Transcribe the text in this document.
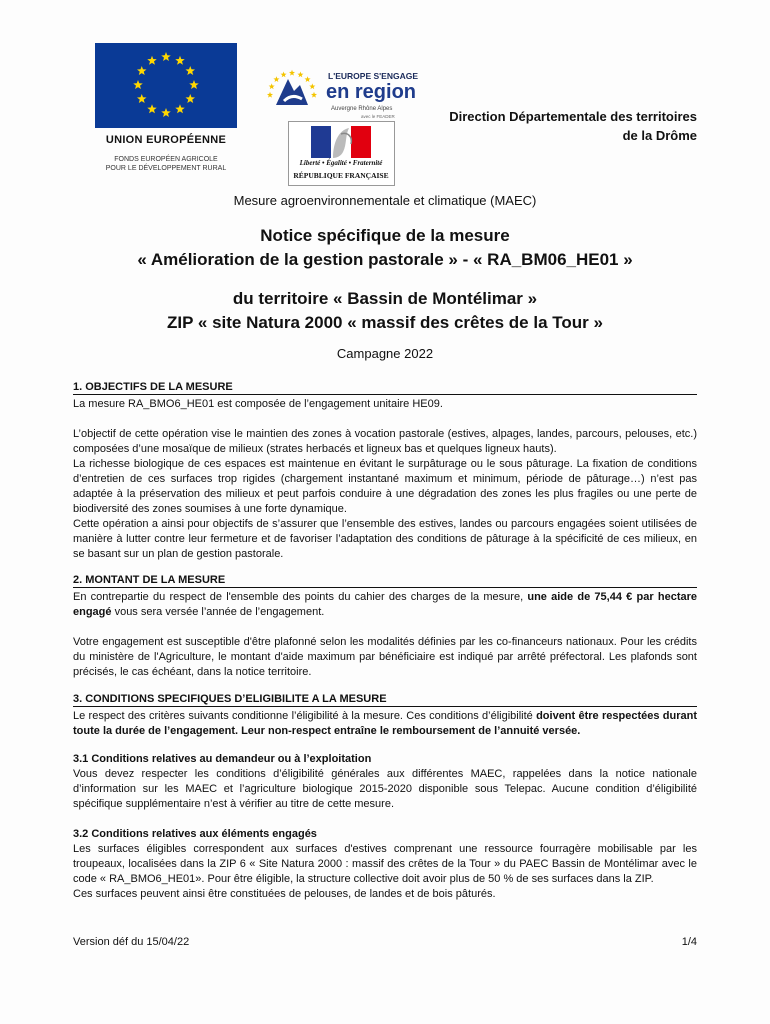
UNION EUROPÉENNE
FONDS EUROPÉEN AGRICOLE
POUR LE DÉVELOPPEMENT RURAL
L'EUROPE S'ENGAGE
en region
Auvergne Rhône Alpes
avec le FEADER
Liberté • Égalité • Fraternité
RÉPUBLIQUE FRANÇAISE
Direction Départementale des territoires
de la Drôme
Mesure agroenvironnementale et climatique (MAEC)
Notice spécifique de la mesure
« Amélioration de la gestion pastorale » - « RA_BM06_HE01 »
du territoire « Bassin de Montélimar »
ZIP « site Natura 2000 « massif des crêtes de la Tour »
Campagne 2022
1. OBJECTIFS DE LA MESURE

La mesure RA_BMO6_HE01 est composée de l’engagement unitaire HE09.

L’objectif de cette opération vise le maintien des zones à vocation pastorale (estives, alpages, landes, parcours, pelouses, etc.) composées d’une mosaïque de milieux (strates herbacés et ligneux bas et quelques ligneux hauts).

La richesse biologique de ces espaces est maintenue en évitant le surpâturage ou le sous pâturage. La fixation de conditions d’entretien de ces surfaces trop rigides (chargement instantané maximum et minimum, période de pâturage…) n’est pas adaptée à la préservation des milieux et peut parfois conduire à une dégradation des zones les plus fragiles ou une perte de biodiversité des zones soumises à une forte dynamique.

Cette opération a ainsi pour objectifs de s’assurer que l’ensemble des estives, landes ou parcours engagées soient utilisées de manière à lutter contre leur fermeture et de favoriser l’adaptation des conditions de pâturage à la spécificité de ces milieux, en se basant sur un plan de gestion pastorale.

2. MONTANT DE LA MESURE

En contrepartie du respect de l'ensemble des points du cahier des charges de la mesure, une aide de 75,44 € par hectare engagé vous sera versée l’année de l’engagement.

Votre engagement est susceptible d'être plafonné selon les modalités définies par les co-financeurs nationaux. Pour les crédits du ministère de l'Agriculture, le montant d'aide maximum par bénéficiaire est indiqué par arrêté préfectoral. Les plafonds sont précisés, le cas échéant, dans la notice territoire.

3. CONDITIONS SPECIFIQUES D’ELIGIBILITE A LA MESURE

Le respect des critères suivants conditionne l’éligibilité à la mesure. Ces conditions d’éligibilité doivent être respectées durant toute la durée de l’engagement. Leur non-respect entraîne le remboursement de l’annuité versée.

3.1 Conditions relatives au demandeur ou à l’exploitation
Vous devez respecter les conditions d’éligibilité générales aux différentes MAEC, rappelées dans la notice nationale d’information sur les MAEC et l’agriculture biologique 2015-2020 disponible sous Telepac. Aucune condition d’éligibilité spécifique supplémentaire n’est à vérifier au titre de cette mesure.
3.2 Conditions relatives aux éléments engagés

Les surfaces éligibles correspondent aux surfaces d'estives comprenant une ressource fourragère mobilisable par les troupeaux, localisées dans la ZIP 6 « Site Natura 2000 : massif des crêtes de la Tour » du PAEC Bassin de Montélimar avec le code « RA_BMO6_HE01». Pour être éligible, la structure collective doit avoir plus de 50 % de ses surfaces dans la ZIP.

Ces surfaces peuvent ainsi être constituées de pelouses, de landes et de bois pâturés.

Version déf du 15/04/22	1/4
